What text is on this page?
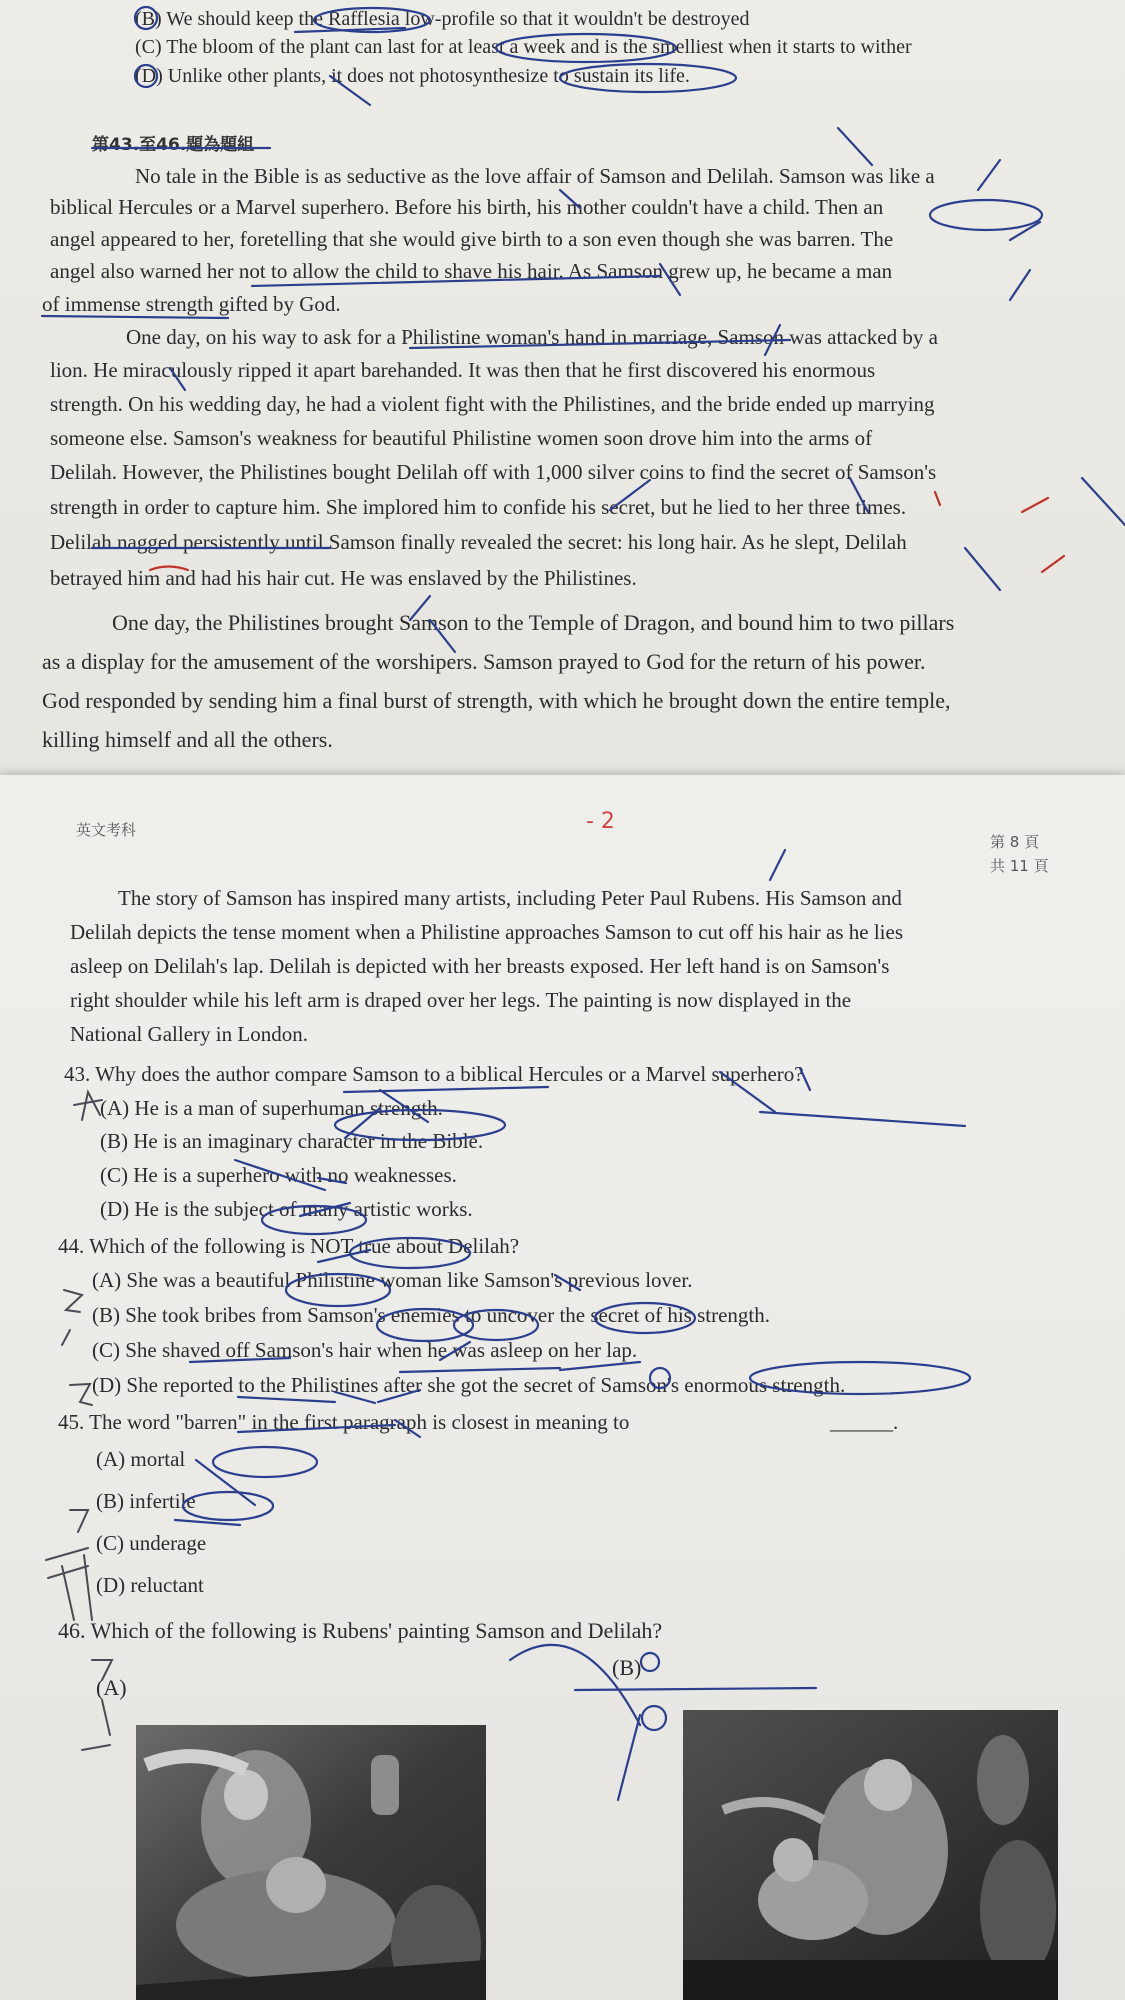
(B) We should keep the Rafflesia low-profile so that it wouldn't be destroyed
(C) The bloom of the plant can last for at least a week and is the smelliest when it starts to wither
(D) Unlike other plants, it does not photosynthesize to sustain its life.
第43.至46.題為題組
No tale in the Bible is as seductive as the love affair of Samson and Delilah. Samson was like a
biblical Hercules or a Marvel superhero. Before his birth, his mother couldn't have a child. Then an
angel appeared to her, foretelling that she would give birth to a son even though she was barren. The
angel also warned her not to allow the child to shave his hair. As Samson grew up, he became a man
of immense strength gifted by God.
One day, on his way to ask for a Philistine woman's hand in marriage, Samson was attacked by a
lion. He miraculously ripped it apart barehanded. It was then that he first discovered his enormous
strength. On his wedding day, he had a violent fight with the Philistines, and the bride ended up marrying
someone else. Samson's weakness for beautiful Philistine women soon drove him into the arms of
Delilah. However, the Philistines bought Delilah off with 1,000 silver coins to find the secret of Samson's
strength in order to capture him. She implored him to confide his secret, but he lied to her three times.
Delilah nagged persistently until Samson finally revealed the secret: his long hair. As he slept, Delilah
betrayed him and had his hair cut. He was enslaved by the Philistines.
One day, the Philistines brought Samson to the Temple of Dragon, and bound him to two pillars
as a display for the amusement of the worshipers. Samson prayed to God for the return of his power.
God responded by sending him a final burst of strength, with which he brought down the entire temple,
killing himself and all the others.
英文考科	- 2
第 8 頁
共 11 頁
The story of Samson has inspired many artists, including Peter Paul Rubens. His Samson and
Delilah depicts the tense moment when a Philistine approaches Samson to cut off his hair as he lies
asleep on Delilah's lap. Delilah is depicted with her breasts exposed. Her left hand is on Samson's
right shoulder while his left arm is draped over her legs. The painting is now displayed in the
National Gallery in London.
43. Why does the author compare Samson to a biblical Hercules or a Marvel superhero?
(A) He is a man of superhuman strength.
(B) He is an imaginary character in the Bible.
(C) He is a superhero with no weaknesses.
(D) He is the subject of many artistic works.
44. Which of the following is NOT true about Delilah?
(A) She was a beautiful Philistine woman like Samson's previous lover.
(B) She took bribes from Samson's enemies to uncover the secret of his strength.
(C) She shaved off Samson's hair when he was asleep on her lap.
(D) She reported to the Philistines after she got the secret of Samson's enormous strength.
45. The word "barren" in the first paragraph is closest in meaning to	______.
(A) mortal
(B) infertile
(C) underage
(D) reluctant
46. Which of the following is Rubens' painting Samson and Delilah?
(A)
(B)
